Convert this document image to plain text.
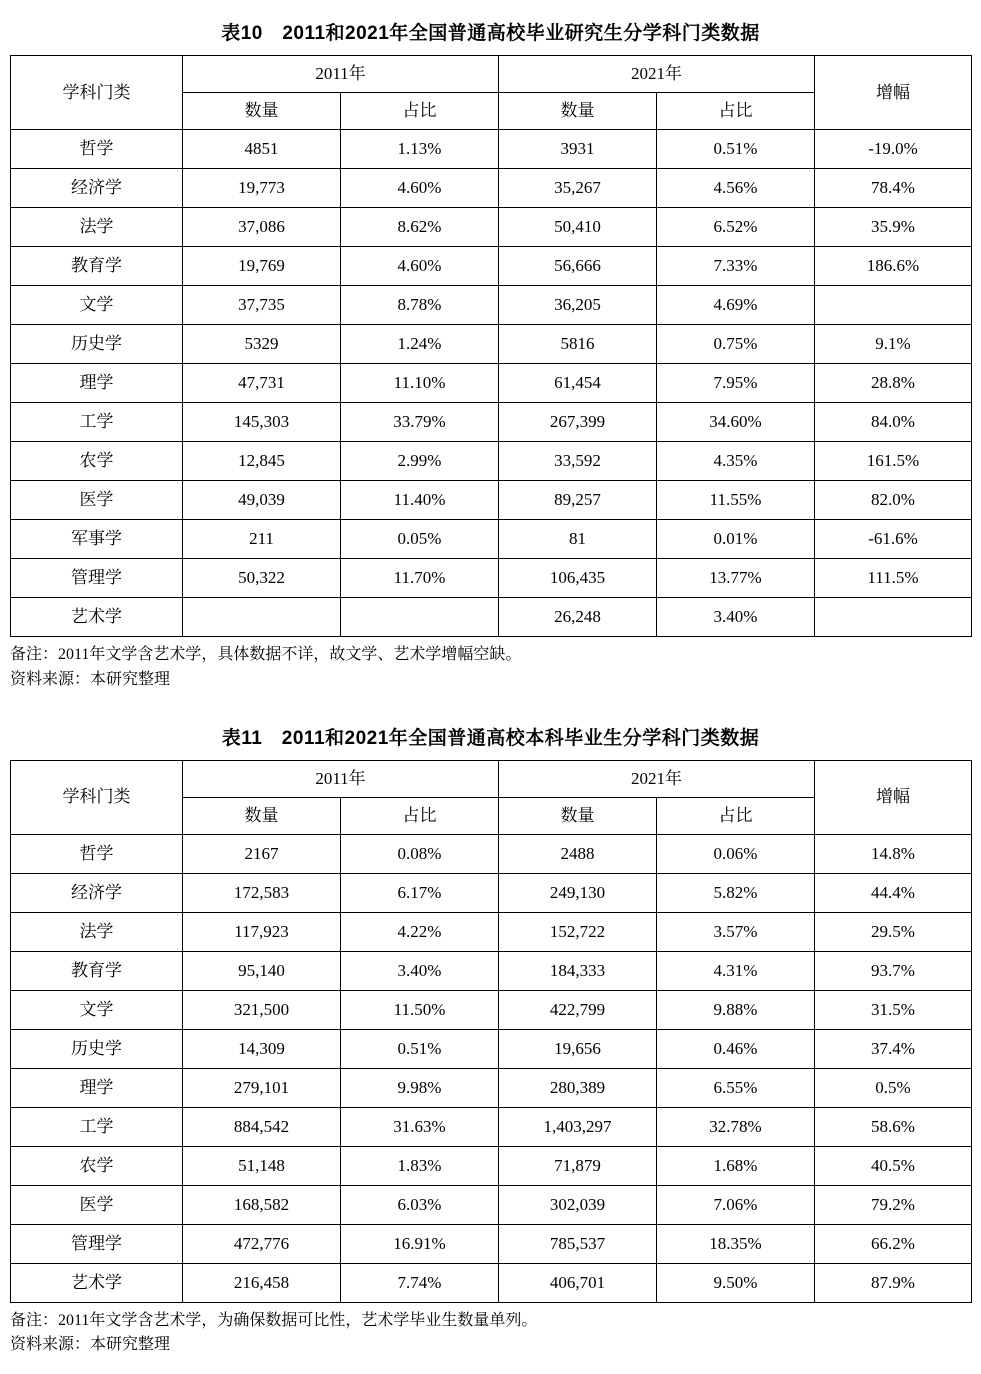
表10　2011和2021年全国普通高校毕业研究生分学科门类数据
学科门类	2011年		2021年		增幅
	数量	占比	数量	占比	
哲学	4851	1.13%	3931	0.51%	-19.0%
经济学	19,773	4.60%	35,267	4.56%	78.4%
法学	37,086	8.62%	50,410	6.52%	35.9%
教育学	19,769	4.60%	56,666	7.33%	186.6%
文学	37,735	8.78%	36,205	4.69%	
历史学	5329	1.24%	5816	0.75%	9.1%
理学	47,731	11.10%	61,454	7.95%	28.8%
工学	145,303	33.79%	267,399	34.60%	84.0%
农学	12,845	2.99%	33,592	4.35%	161.5%
医学	49,039	11.40%	89,257	11.55%	82.0%
军事学	211	0.05%	81	0.01%	-61.6%
管理学	50,322	11.70%	106,435	13.77%	111.5%
艺术学			26,248	3.40%	
备注：2011年文学含艺术学，具体数据不详，故文学、艺术学增幅空缺。
资料来源：本研究整理
表11　2011和2021年全国普通高校本科毕业生分学科门类数据
学科门类	2011年		2021年		增幅
	数量	占比	数量	占比	
哲学	2167	0.08%	2488	0.06%	14.8%
经济学	172,583	6.17%	249,130	5.82%	44.4%
法学	117,923	4.22%	152,722	3.57%	29.5%
教育学	95,140	3.40%	184,333	4.31%	93.7%
文学	321,500	11.50%	422,799	9.88%	31.5%
历史学	14,309	0.51%	19,656	0.46%	37.4%
理学	279,101	9.98%	280,389	6.55%	0.5%
工学	884,542	31.63%	1,403,297	32.78%	58.6%
农学	51,148	1.83%	71,879	1.68%	40.5%
医学	168,582	6.03%	302,039	7.06%	79.2%
管理学	472,776	16.91%	785,537	18.35%	66.2%
艺术学	216,458	7.74%	406,701	9.50%	87.9%
备注：2011年文学含艺术学，为确保数据可比性，艺术学毕业生数量单列。
资料来源：本研究整理
